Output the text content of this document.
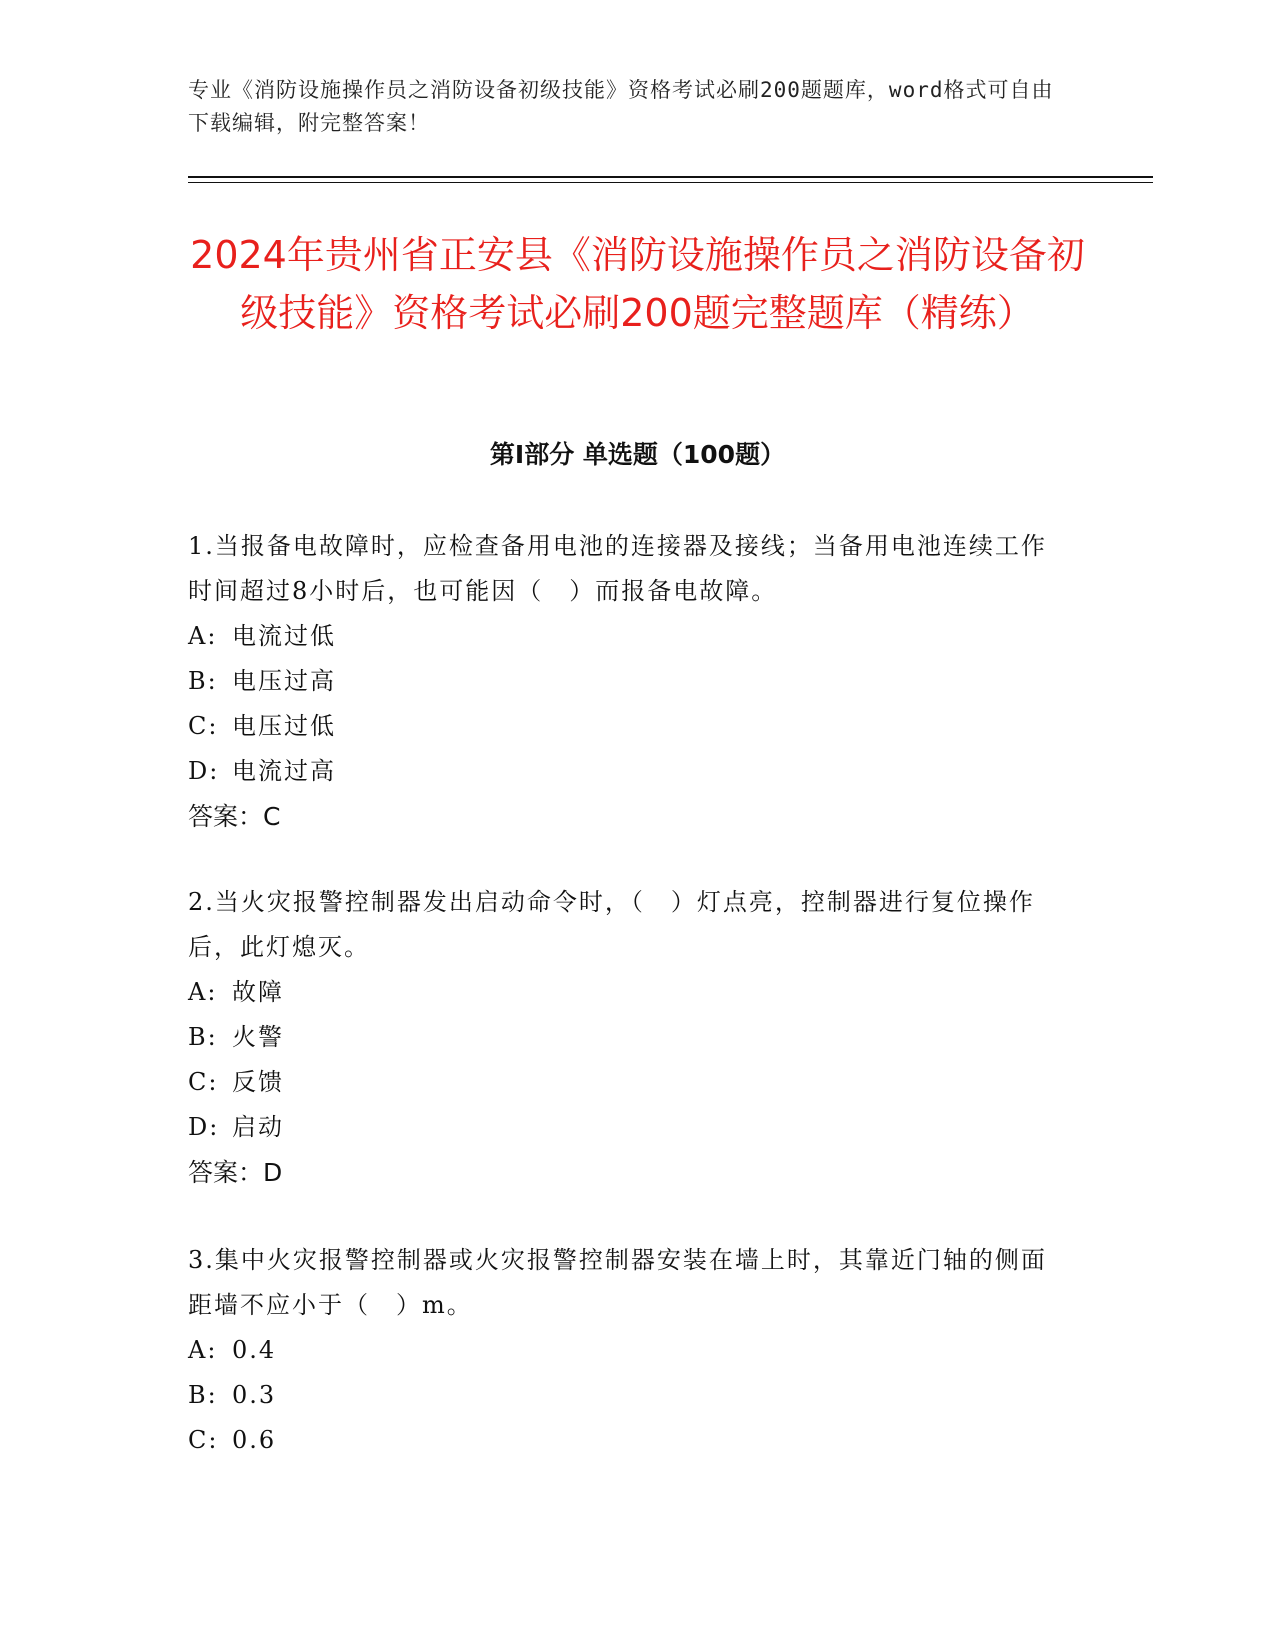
专业《消防设施操作员之消防设备初级技能》资格考试必刷200题题库，word格式可自由下载编辑，附完整答案！
2024年贵州省正安县《消防设施操作员之消防设备初级技能》资格考试必刷200题完整题库（精练）
第Ⅰ部分 单选题（100题）

1.当报备电故障时，应检查备用电池的连接器及接线；当备用电池连续工作时间超过8小时后，也可能因（　）而报备电故障。

A: 电流过低
B: 电压过高
C: 电压过低
D: 电流过高
答案：C

2.当火灾报警控制器发出启动命令时，（　）灯点亮，控制器进行复位操作后，此灯熄灭。

A: 故障
B: 火警
C: 反馈
D: 启动
答案：D

3.集中火灾报警控制器或火灾报警控制器安装在墙上时，其靠近门轴的侧面距墙不应小于（　）m。

A: 0.4
B: 0.3
C: 0.6
